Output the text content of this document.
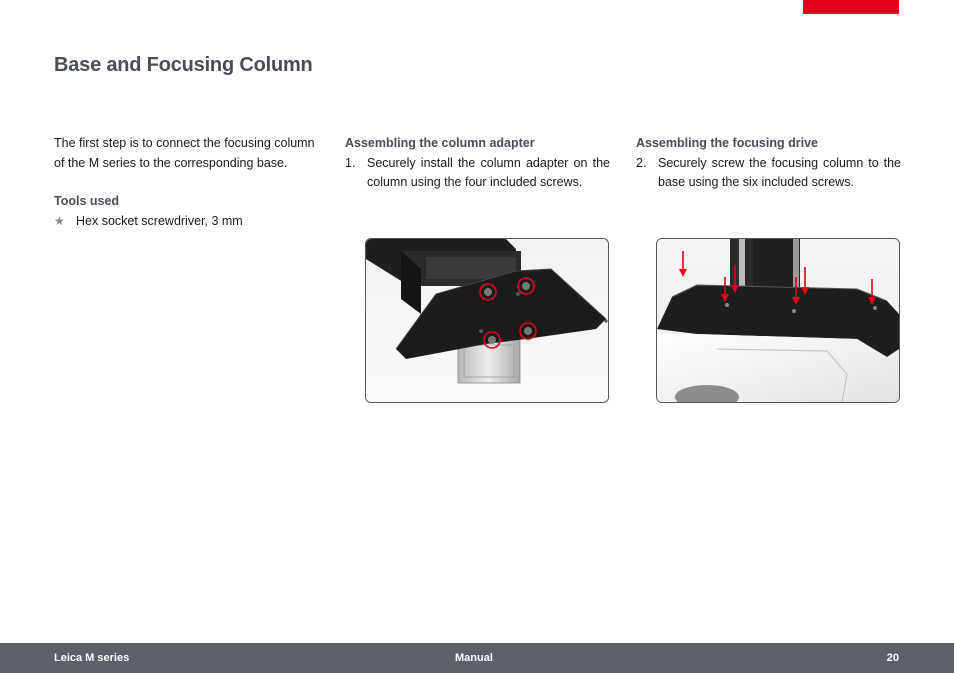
Base and Focusing Column

The first step is to connect the focusing column of the M series to the corresponding base.

Tools used

★ Hex socket screwdriver, 3 mm

Assembling the column adapter

1. Securely install the column adapter on the column using the four included screws.

Assembling the focusing drive

2. Securely screw the focusing column to the base using the six included screws.
Leica M series	Manual	20
